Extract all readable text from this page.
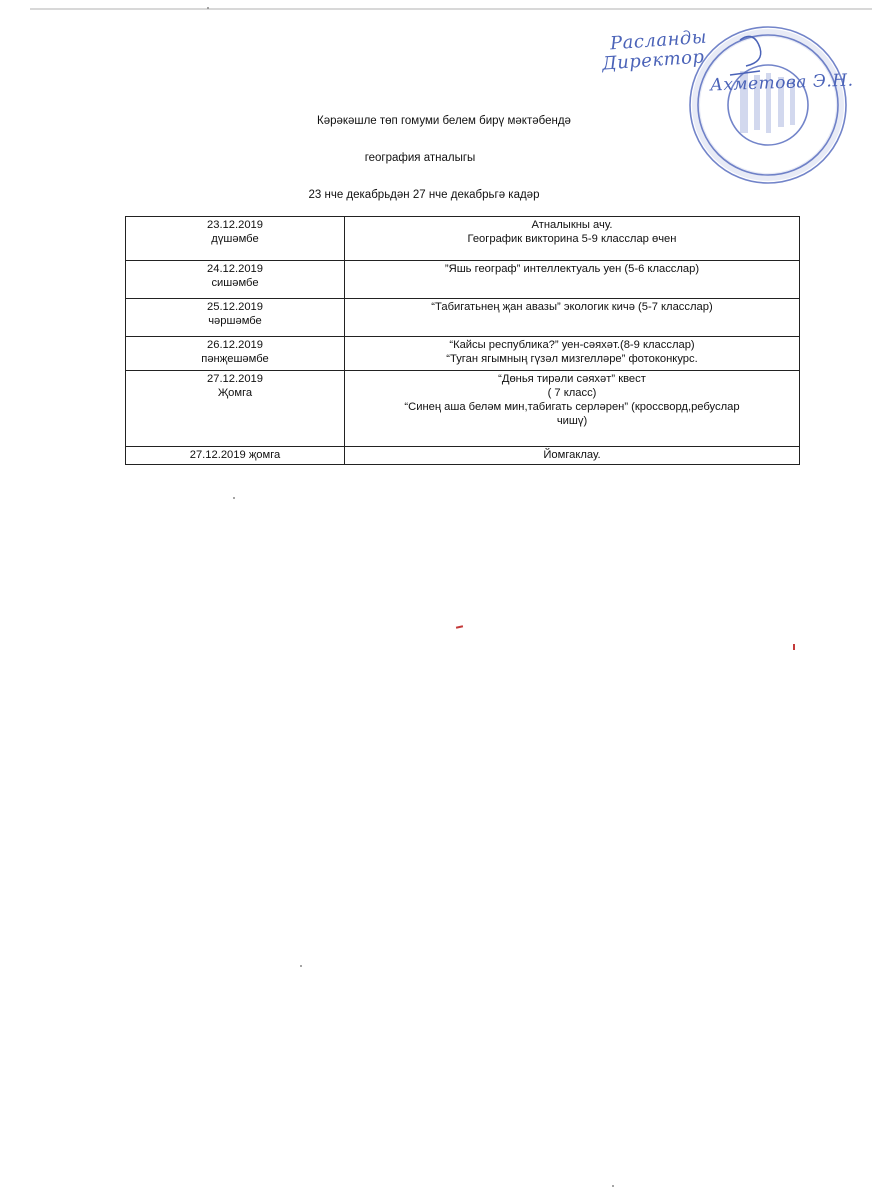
Расланды
Директор
Ахметова Э.Н.
Кәрәкәшле төп гомуми белем бирү мәктәбендә
география атналыгы
23 нче декабрьдән 27 нче декабрьгә кадәр
23.12.2019
дүшәмбе	Атналыкны ачу.
Географик викторина 5-9 класслар өчен

24.12.2019
сишәмбе	”Яшь географ” интеллектуаль уен (5-6 класслар)

25.12.2019
чәршәмбе	“Табигатьнең җан авазы” экологик кичә (5-7 класслар)

26.12.2019
пәнҗешәмбе	“Кайсы республика?” уен-сәяхәт.(8-9 класслар)
“Туган ягымның гүзәл мизгелләре” фотоконкурс.

27.12.2019
Җомга	“Дөнья тирәли сәяхәт” квест
( 7 класс)
“Синең аша белəм мин,табигать серләрен” (кроссворд,ребуслар
чишү)

27.12.2019 җомга	Йомгаклау.
